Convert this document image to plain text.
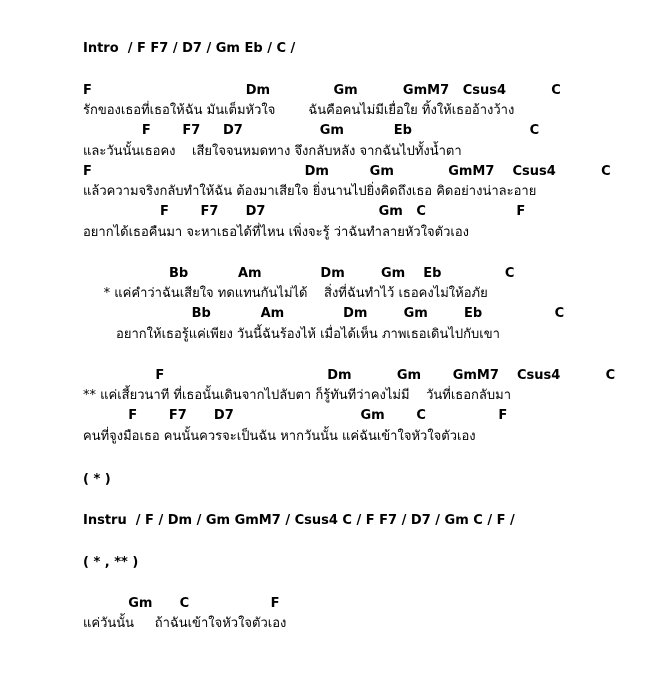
Intro  / F F7 / D7 / Gm Eb / C /
F                                  Dm              Gm          GmM7   Csus4          C
รักของเธอที่เธอให้ฉัน มันเต็มหัวใจ        ฉันคือคนไม่มีเยื่อใย ทิ้งให้เธออ้างว้าง
F       F7     D7                 Gm           Eb                          C
และวันนั้นเธอคง    เสียใจจนหมดทาง จึงกลับหลัง จากฉันไปทั้งน้ำตา
F                                               Dm         Gm            GmM7    Csus4          C
แล้วความจริงกลับทำให้ฉัน ต้องมาเสียใจ ยิ่งนานไปยิ่งคิดถึงเธอ คิดอย่างน่าละอาย
F       F7      D7                         Gm   C                    F
อยากได้เธอคืนมา จะหาเธอได้ที่ไหน เพิ่งจะรู้ ว่าฉันทำลายหัวใจตัวเอง
Bb           Am             Dm        Gm    Eb              C
* แค่คำว่าฉันเสียใจ ทดแทนกันไม่ได้    สิ่งที่ฉันทำไว้ เธอคงไม่ให้อภัย
Bb           Am             Dm        Gm        Eb                C
อยากให้เธอรู้แค่เพียง วันนี้ฉันร้องไห้ เมื่อได้เห็น ภาพเธอเดินไปกับเขา
F                                    Dm          Gm       GmM7    Csus4          C
** แค่เสี้ยวนาที ที่เธอนั้นเดินจากไปลับตา ก็รู้ทันทีว่าคงไม่มี    วันที่เธอกลับมา
F       F7      D7                            Gm       C                F
คนที่จูงมือเธอ คนนั้นควรจะเป็นฉัน หากวันนั้น แค่ฉันเข้าใจหัวใจตัวเอง
( * )
Instru  / F / Dm / Gm GmM7 / Csus4 C / F F7 / D7 / Gm C / F /
( * , ** )
Gm      C                  F
แค่วันนั้น     ถ้าฉันเข้าใจหัวใจตัวเอง
